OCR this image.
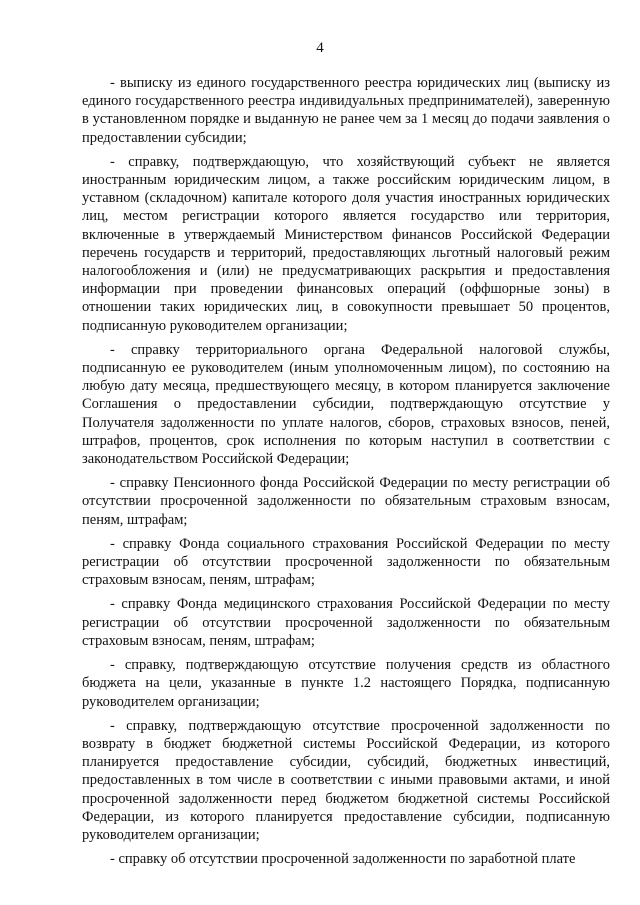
4

- выписку из единого государственного реестра юридических лиц (выписку из единого государственного реестра индивидуальных предпринимателей), заверенную в установленном порядке и выданную не ранее чем за 1 месяц до подачи заявления о предоставлении субсидии;

- справку, подтверждающую, что хозяйствующий субъект не является иностранным юридическим лицом, а также российским юридическим лицом, в уставном (складочном) капитале которого доля участия иностранных юридических лиц, местом регистрации которого является государство или территория, включенные в утверждаемый Министерством финансов Российской Федерации перечень государств и территорий, предоставляющих льготный налоговый режим налогообложения и (или) не предусматривающих раскрытия и предоставления информации при проведении финансовых операций (оффшорные зоны) в отношении таких юридических лиц, в совокупности превышает 50 процентов, подписанную руководителем организации;

- справку территориального органа Федеральной налоговой службы, подписанную ее руководителем (иным уполномоченным лицом), по состоянию на любую дату месяца, предшествующего месяцу, в котором планируется заключение Соглашения о предоставлении субсидии, подтверждающую отсутствие у Получателя задолженности по уплате налогов, сборов, страховых взносов, пеней, штрафов, процентов, срок исполнения по которым наступил в соответствии с законодательством Российской Федерации;

- справку Пенсионного фонда Российской Федерации по месту регистрации об отсутствии просроченной задолженности по обязательным страховым взносам, пеням, штрафам;

- справку Фонда социального страхования Российской Федерации по месту регистрации об отсутствии просроченной задолженности по обязательным страховым взносам, пеням, штрафам;

- справку Фонда медицинского страхования Российской Федерации по месту регистрации об отсутствии просроченной задолженности по обязательным страховым взносам, пеням, штрафам;

- справку, подтверждающую отсутствие получения средств из областного бюджета на цели, указанные в пункте 1.2 настоящего Порядка, подписанную руководителем организации;

- справку, подтверждающую отсутствие просроченной задолженности по возврату в бюджет бюджетной системы Российской Федерации, из которого планируется предоставление субсидии, субсидий, бюджетных инвестиций, предоставленных в том числе в соответствии с иными правовыми актами, и иной просроченной задолженности перед бюджетом бюджетной системы Российской Федерации, из которого планируется предоставление субсидии, подписанную руководителем организации;

- справку об отсутствии просроченной задолженности по заработной плате
